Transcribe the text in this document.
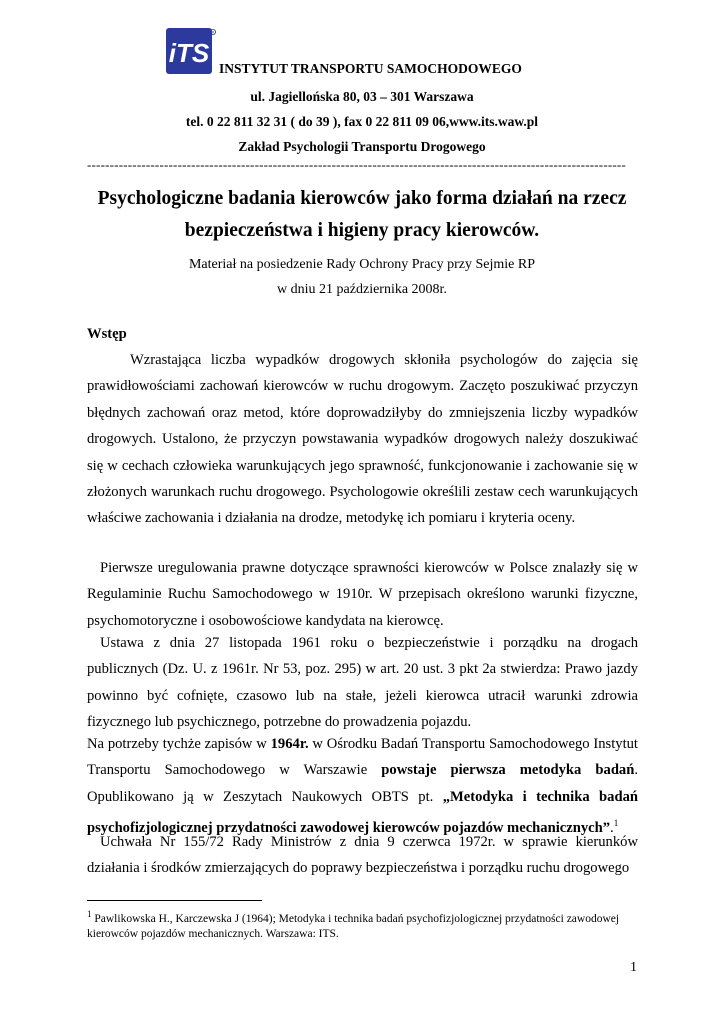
iTS
R
INSTYTUT TRANSPORTU SAMOCHODOWEGO
ul. Jagiellońska 80, 03 – 301 Warszawa
tel. 0 22 811 32 31 ( do 39 ), fax 0 22 811 09 06,www.its.waw.pl
Zakład Psychologii Transportu Drogowego
-----------------------------------------------------------------------------------------------------------------------
Psychologiczne badania kierowców jako forma działań na rzecz
bezpieczeństwa i higieny pracy kierowców.
Materiał na posiedzenie Rady Ochrony Pracy przy Sejmie RP
w dniu 21 października 2008r.
Wstęp
Wzrastająca liczba wypadków drogowych skłoniła psychologów do zajęcia się prawidłowościami zachowań kierowców w ruchu drogowym. Zaczęto poszukiwać przyczyn błędnych zachowań oraz metod, które doprowadziłyby do zmniejszenia liczby wypadków drogowych. Ustalono, że przyczyn powstawania wypadków drogowych należy doszukiwać się w cechach człowieka warunkujących jego sprawność, funkcjonowanie i zachowanie się w złożonych warunkach ruchu drogowego. Psychologowie określili zestaw cech warunkujących właściwe zachowania i działania na drodze, metodykę ich pomiaru i kryteria oceny.
Pierwsze uregulowania prawne dotyczące sprawności kierowców w Polsce znalazły się w Regulaminie Ruchu Samochodowego w 1910r. W przepisach określono warunki fizyczne, psychomotoryczne i osobowościowe kandydata na kierowcę.
Ustawa z dnia 27 listopada 1961 roku o bezpieczeństwie i porządku na drogach publicznych (Dz. U. z 1961r. Nr 53, poz. 295) w art. 20 ust. 3 pkt 2a stwierdza: Prawo jazdy powinno być cofnięte, czasowo lub na stałe, jeżeli kierowca utracił warunki zdrowia fizycznego lub psychicznego, potrzebne do prowadzenia pojazdu.
Na potrzeby tychże zapisów w 1964r. w Ośrodku Badań Transportu Samochodowego Instytut Transportu Samochodowego w Warszawie powstaje pierwsza metodyka badań. Opublikowano ją w Zeszytach Naukowych OBTS pt. „Metodyka i technika badań psychofizjologicznej przydatności zawodowej kierowców pojazdów mechanicznych”.$^1$
Uchwała Nr 155/72 Rady Ministrów z dnia 9 czerwca 1972r. w sprawie kierunków działania i środków zmierzających do poprawy bezpieczeństwa i porządku ruchu drogowego
$^1$ Pawlikowska H., Karczewska J (1964); Metodyka i technika badań psychofizjologicznej przydatności zawodowej kierowców pojazdów mechanicznych. Warszawa: ITS.
1
